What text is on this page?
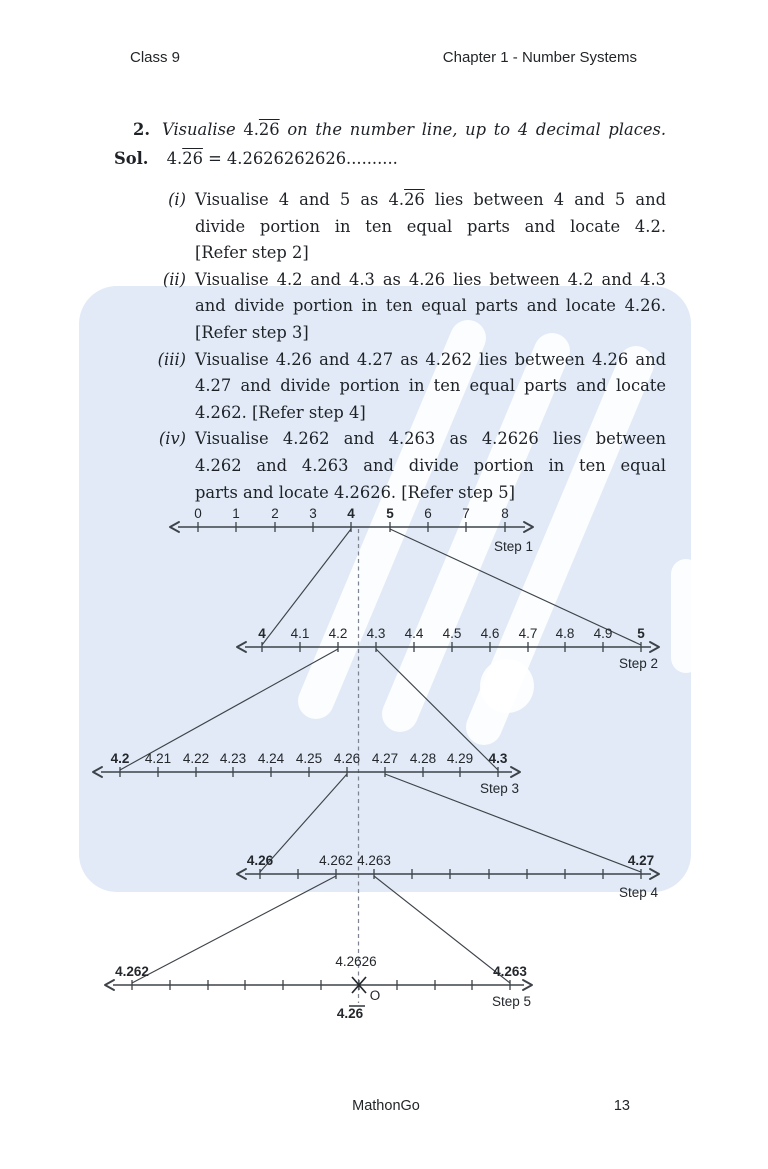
0 1 2 3 4 5 6 7 8
Step 1
4 4.1 4.2 4.3 4.4 4.5 4.6 4.7 4.8 4.9 5
Step 2
4.2 4.21 4.22 4.23 4.24 4.25 4.26 4.27 4.28 4.29 4.3
Step 3
4.26	4.262 4.263	4.27
Step 4
4.262	4.263
Step 5
4.2626
O
4.26
Class 9	Chapter 1 - Number Systems
2. Visualise 4.26 on the number line, up to 4 decimal places.
Sol. 4.26 = 4.2626262626..........
(i) Visualise 4 and 5 as 4.26 lies between 4 and 5 and
divide portion in ten equal parts and locate 4.2.
[Refer step 2]
(ii) Visualise 4.2 and 4.3 as 4.26 lies between 4.2 and 4.3
and divide portion in ten equal parts and locate 4.26.
[Refer step 3]
(iii) Visualise 4.26 and 4.27 as 4.262 lies between 4.26 and
4.27 and divide portion in ten equal parts and locate
4.262. [Refer step 4]
(iv) Visualise 4.262 and 4.263 as 4.2626 lies between
4.262 and 4.263 and divide portion in ten equal
parts and locate 4.2626. [Refer step 5]
MathonGo	13
